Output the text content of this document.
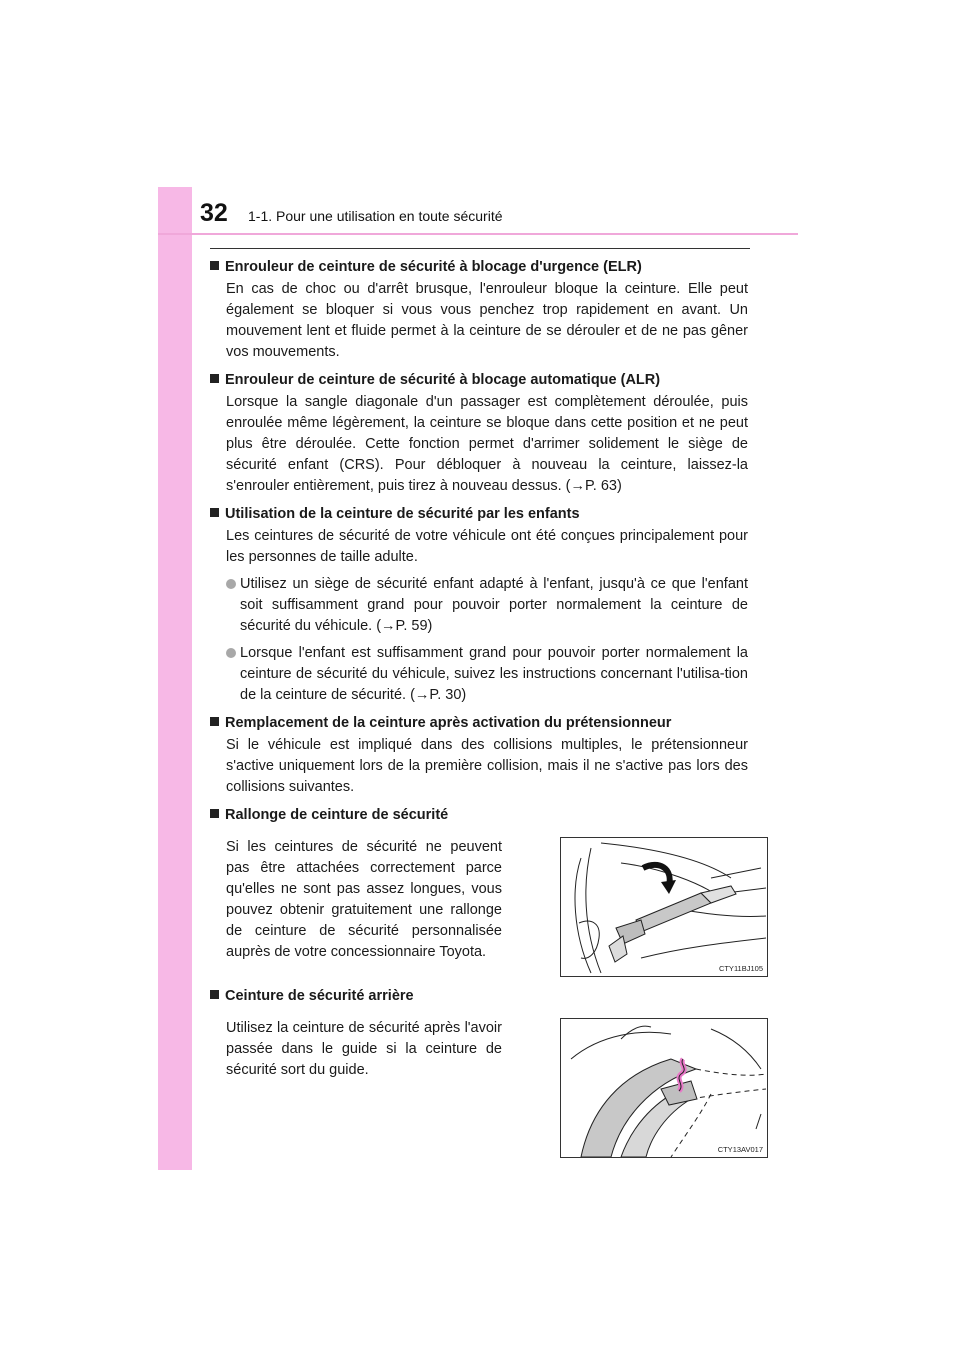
32 1-1. Pour une utilisation en toute sécurité
Enrouleur de ceinture de sécurité à blocage d'urgence (ELR)
En cas de choc ou d'arrêt brusque, l'enrouleur bloque la ceinture. Elle peut également se bloquer si vous vous penchez trop rapidement en avant. Un mouvement lent et fluide permet à la ceinture de se dérouler et de ne pas gêner vos mouvements.
Enrouleur de ceinture de sécurité à blocage automatique (ALR)
Lorsque la sangle diagonale d'un passager est complètement déroulée, puis enroulée même légèrement, la ceinture se bloque dans cette position et ne peut plus être déroulée. Cette fonction permet d'arrimer solidement le siège de sécurité enfant (CRS). Pour débloquer à nouveau la ceinture, laissez-la s'enrouler entièrement, puis tirez à nouveau dessus. (→P. 63)
Utilisation de la ceinture de sécurité par les enfants
Les ceintures de sécurité de votre véhicule ont été conçues principalement pour les personnes de taille adulte.
Utilisez un siège de sécurité enfant adapté à l'enfant, jusqu'à ce que l'enfant soit suffisamment grand pour pouvoir porter normalement la ceinture de sécurité du véhicule. (→P. 59)
Lorsque l'enfant est suffisamment grand pour pouvoir porter normalement la ceinture de sécurité du véhicule, suivez les instructions concernant l'utilisa-tion de la ceinture de sécurité. (→P. 30)
Remplacement de la ceinture après activation du prétensionneur
Si le véhicule est impliqué dans des collisions multiples, le prétensionneur s'active uniquement lors de la première collision, mais il ne s'active pas lors des collisions suivantes.
Rallonge de ceinture de sécurité
Si les ceintures de sécurité ne peuvent pas être attachées correctement parce qu'elles ne sont pas assez longues, vous pouvez obtenir gratuitement une rallonge de ceinture de sécurité personnalisée auprès de votre concessionnaire Toyota.
CTY11BJ105
Ceinture de sécurité arrière
Utilisez la ceinture de sécurité après l'avoir passée dans le guide si la ceinture de sécurité sort du guide.
CTY13AV017
